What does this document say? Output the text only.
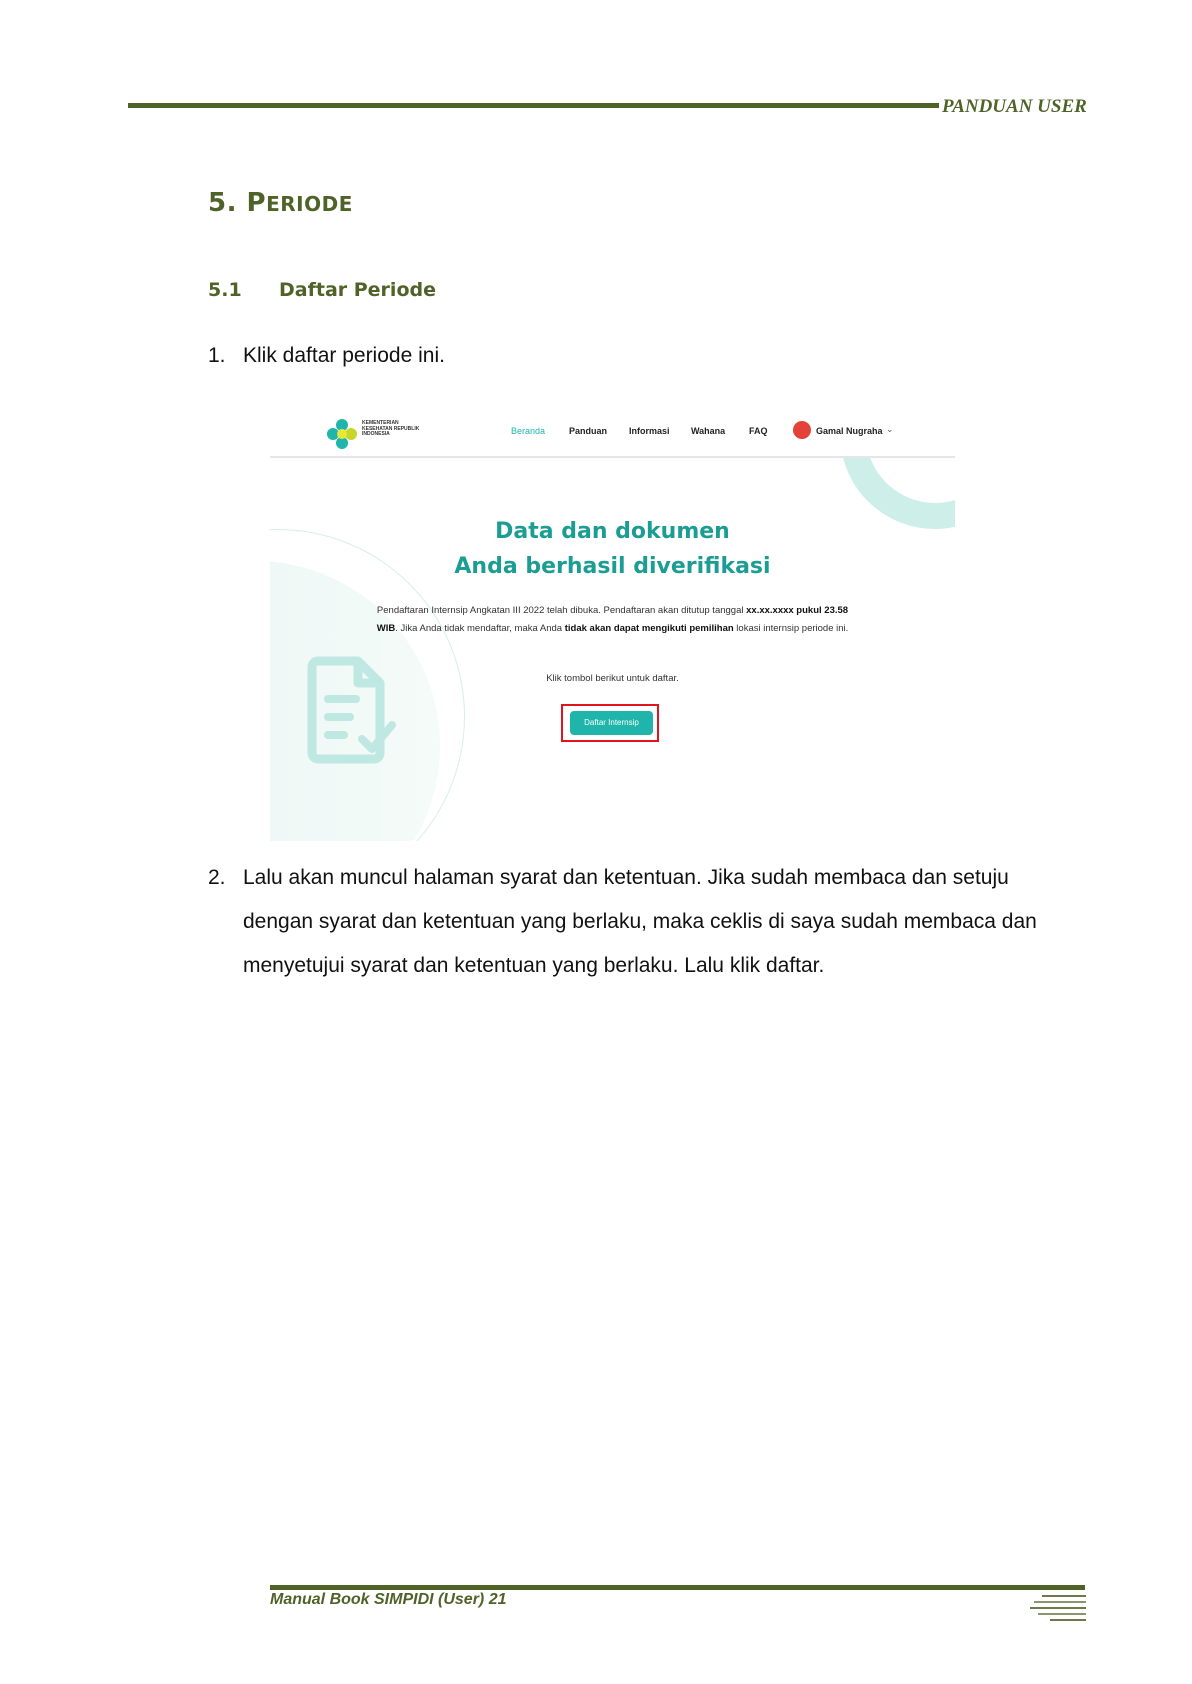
PANDUAN USER
5. PERIODE
5.1 Daftar Periode
1. Klik daftar periode ini.
KEMENTERIAN KESEHATAN REPUBLIK INDONESIA	Beranda	Panduan Informasi Wahana	FAQ	Gamal Nugraha ⌄
Data dan dokumen
Anda berhasil diverifikasi
Pendaftaran Internsip Angkatan III 2022 telah dibuka. Pendaftaran akan ditutup tanggal xx.xx.xxxx pukul 23.58 WIB. Jika Anda tidak mendaftar, maka Anda tidak akan dapat mengikuti pemilihan lokasi internsip periode ini.
Klik tombol berikut untuk daftar.
Daftar Internsip
2. Lalu akan muncul halaman syarat dan ketentuan. Jika sudah membaca dan setuju dengan syarat dan ketentuan yang berlaku, maka ceklis di saya sudah membaca dan menyetujui syarat dan ketentuan yang berlaku. Lalu klik daftar.
Manual Book SIMPIDI (User) 21
